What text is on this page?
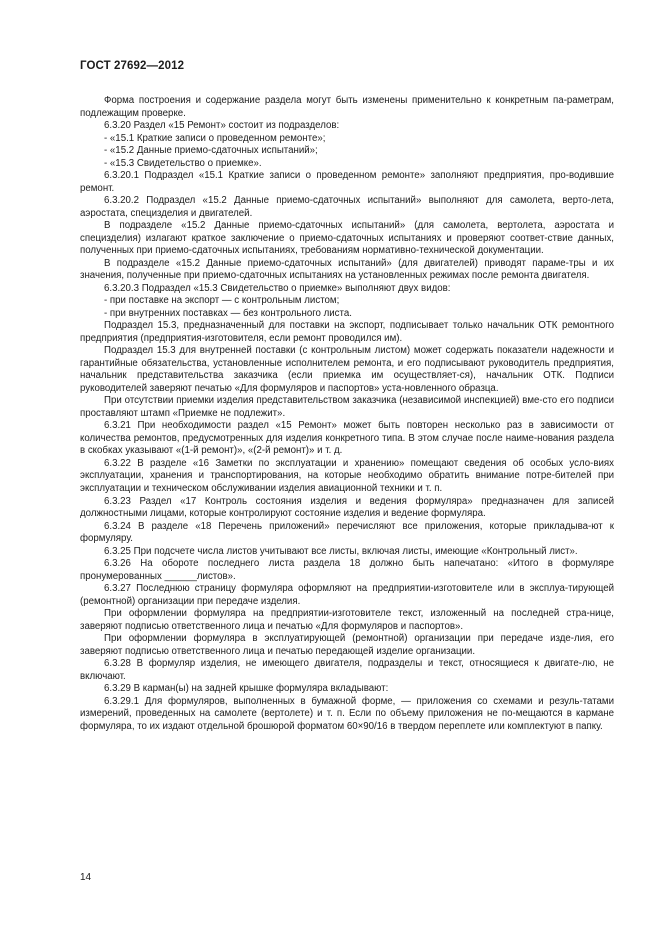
ГОСТ 27692—2012

Форма построения и содержание раздела могут быть изменены применительно к конкретным па-раметрам, подлежащим проверке.

6.3.20 Раздел «15 Ремонт» состоит из подразделов:

- «15.1 Краткие записи о проведенном ремонте»;

- «15.2 Данные приемо-сдаточных испытаний»;

- «15.3 Свидетельство о приемке».

6.3.20.1 Подраздел «15.1 Краткие записи о проведенном ремонте» заполняют предприятия, про-водившие ремонт.

6.3.20.2 Подраздел «15.2 Данные приемо-сдаточных испытаний» выполняют для самолета, верто-лета, аэростата, специзделия и двигателей.

В подразделе «15.2 Данные приемо-сдаточных испытаний» (для самолета, вертолета, аэростата и специзделия) излагают краткое заключение о приемо-сдаточных испытаниях и проверяют соответ-ствие данных, полученных при приемо-сдаточных испытаниях, требованиям нормативно-технической документации.

В подразделе «15.2 Данные приемо-сдаточных испытаний» (для двигателей) приводят параме-тры и их значения, полученные при приемо-сдаточных испытаниях на установленных режимах после ремонта двигателя.

6.3.20.3 Подраздел «15.3 Свидетельство о приемке» выполняют двух видов:

- при поставке на экспорт — с контрольным листом;

- при внутренних поставках — без контрольного листа.

Подраздел 15.3, предназначенный для поставки на экспорт, подписывает только начальник ОТК ремонтного предприятия (предприятия-изготовителя, если ремонт проводился им).

Подраздел 15.3 для внутренней поставки (с контрольным листом) может содержать показатели надежности и гарантийные обязательства, установленные исполнителем ремонта, и его подписывают руководитель предприятия, начальник представительства заказчика (если приемка им осуществляет-ся), начальник ОТК. Подписи руководителей заверяют печатью «Для формуляров и паспортов» уста-новленного образца.

При отсутствии приемки изделия представительством заказчика (независимой инспекцией) вме-сто его подписи проставляют штамп «Приемке не подлежит».

6.3.21 При необходимости раздел «15 Ремонт» может быть повторен несколько раз в зависимости от количества ремонтов, предусмотренных для изделия конкретного типа. В этом случае после наиме-нования раздела в скобках указывают «(1-й ремонт)», «(2-й ремонт)» и т. д.

6.3.22 В разделе «16 Заметки по эксплуатации и хранению» помещают сведения об особых усло-виях эксплуатации, хранения и транспортирования, на которые необходимо обратить внимание потре-бителей при эксплуатации и техническом обслуживании изделия авиационной техники и т. п.

6.3.23 Раздел «17 Контроль состояния изделия и ведения формуляра» предназначен для записей должностными лицами, которые контролируют состояние изделия и ведение формуляра.

6.3.24 В разделе «18 Перечень приложений» перечисляют все приложения, которые прикладыва-ют к формуляру.

6.3.25 При подсчете числа листов учитывают все листы, включая листы, имеющие «Контрольный лист».

6.3.26 На обороте последнего листа раздела 18 должно быть напечатано: «Итого в формуляре пронумерованных ______листов».

6.3.27 Последнюю страницу формуляра оформляют на предприятии-изготовителе или в эксплуа-тирующей (ремонтной) организации при передаче изделия.

При оформлении формуляра на предприятии-изготовителе текст, изложенный на последней стра-нице, заверяют подписью ответственного лица и печатью «Для формуляров и паспортов».

При оформлении формуляра в эксплуатирующей (ремонтной) организации при передаче изде-лия, его заверяют подписью ответственного лица и печатью передающей изделие организации.

6.3.28 В формуляр изделия, не имеющего двигателя, подразделы и текст, относящиеся к двигате-лю, не включают.

6.3.29 В карман(ы) на задней крышке формуляра вкладывают:

6.3.29.1 Для формуляров, выполненных в бумажной форме, — приложения со схемами и резуль-татами измерений, проведенных на самолете (вертолете) и т. п. Если по объему приложения не по-мещаются в кармане формуляра, то их издают отдельной брошюрой форматом 60×90/16 в твердом переплете или комплектуют в папку.

14
